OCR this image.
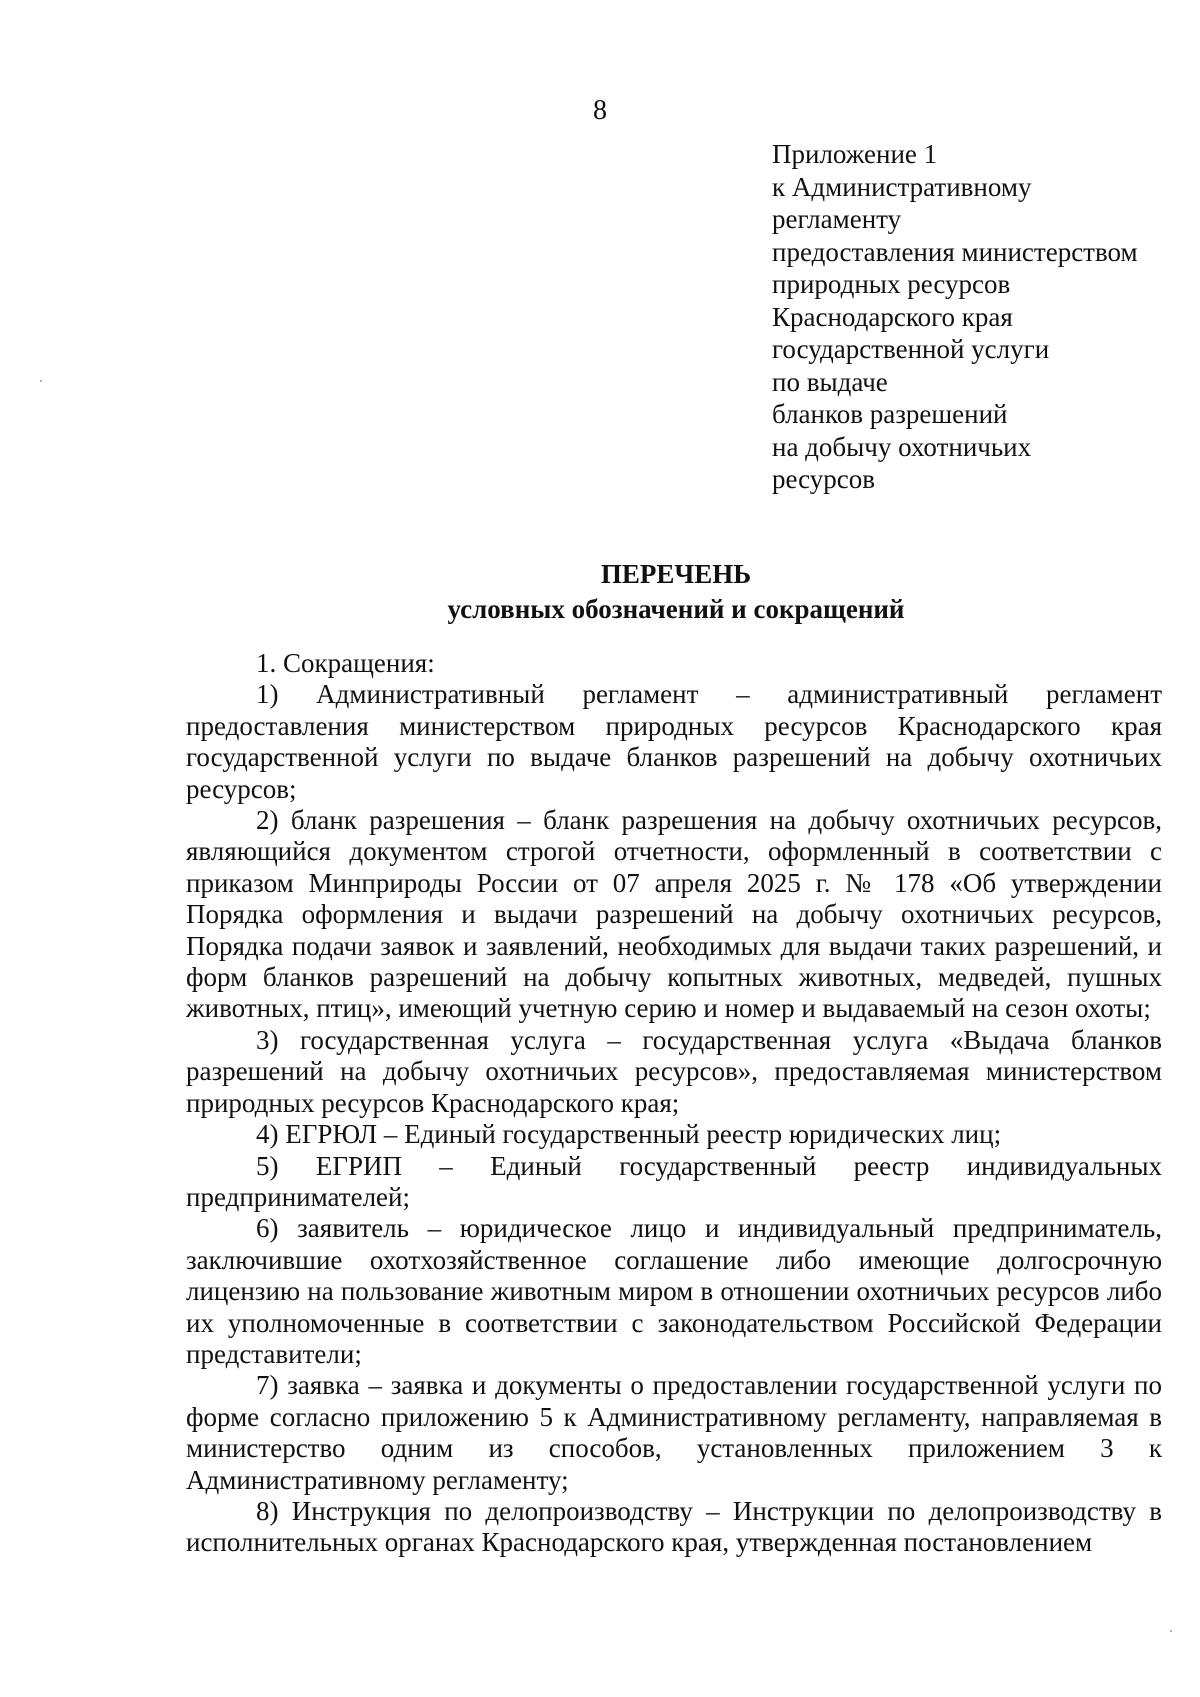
8
Приложение 1
к Административному
регламенту
предоставления министерством
природных ресурсов
Краснодарского края
государственной услуги
по выдаче
бланков разрешений
на добычу охотничьих
ресурсов
ПЕРЕЧЕНЬ
условных обозначений и сокращений

1. Сокращения:

1) Административный регламент – административный регламент предоставления министерством природных ресурсов Краснодарского края государственной услуги по выдаче бланков разрешений на добычу охотничьих ресурсов;

2) бланк разрешения – бланк разрешения на добычу охотничьих ресурсов, являющийся документом строгой отчетности, оформленный в соответствии с приказом Минприроды России от 07 апреля 2025 г. № 178 «Об утверждении Порядка оформления и выдачи разрешений на добычу охотничьих ресурсов, Порядка подачи заявок и заявлений, необходимых для выдачи таких разрешений, и форм бланков разрешений на добычу копытных животных, медведей, пушных животных, птиц», имеющий учетную серию и номер и выдаваемый на сезон охоты;

3) государственная услуга – государственная услуга «Выдача бланков разрешений на добычу охотничьих ресурсов», предоставляемая министерством природных ресурсов Краснодарского края;

4) ЕГРЮЛ – Единый государственный реестр юридических лиц;

5) ЕГРИП – Единый государственный реестр индивидуальных предпринимателей;

6) заявитель – юридическое лицо и индивидуальный предприниматель, заключившие охотхозяйственное соглашение либо имеющие долгосрочную лицензию на пользование животным миром в отношении охотничьих ресурсов либо их уполномоченные в соответствии с законодательством Российской Федерации представители;

7) заявка – заявка и документы о предоставлении государственной услуги по форме согласно приложению 5 к Административному регламенту, направляемая в министерство одним из способов, установленных приложением 3 к Административному регламенту;

8) Инструкция по делопроизводству – Инструкции по делопроизводству в исполнительных органах Краснодарского края, утвержденная постановлением
